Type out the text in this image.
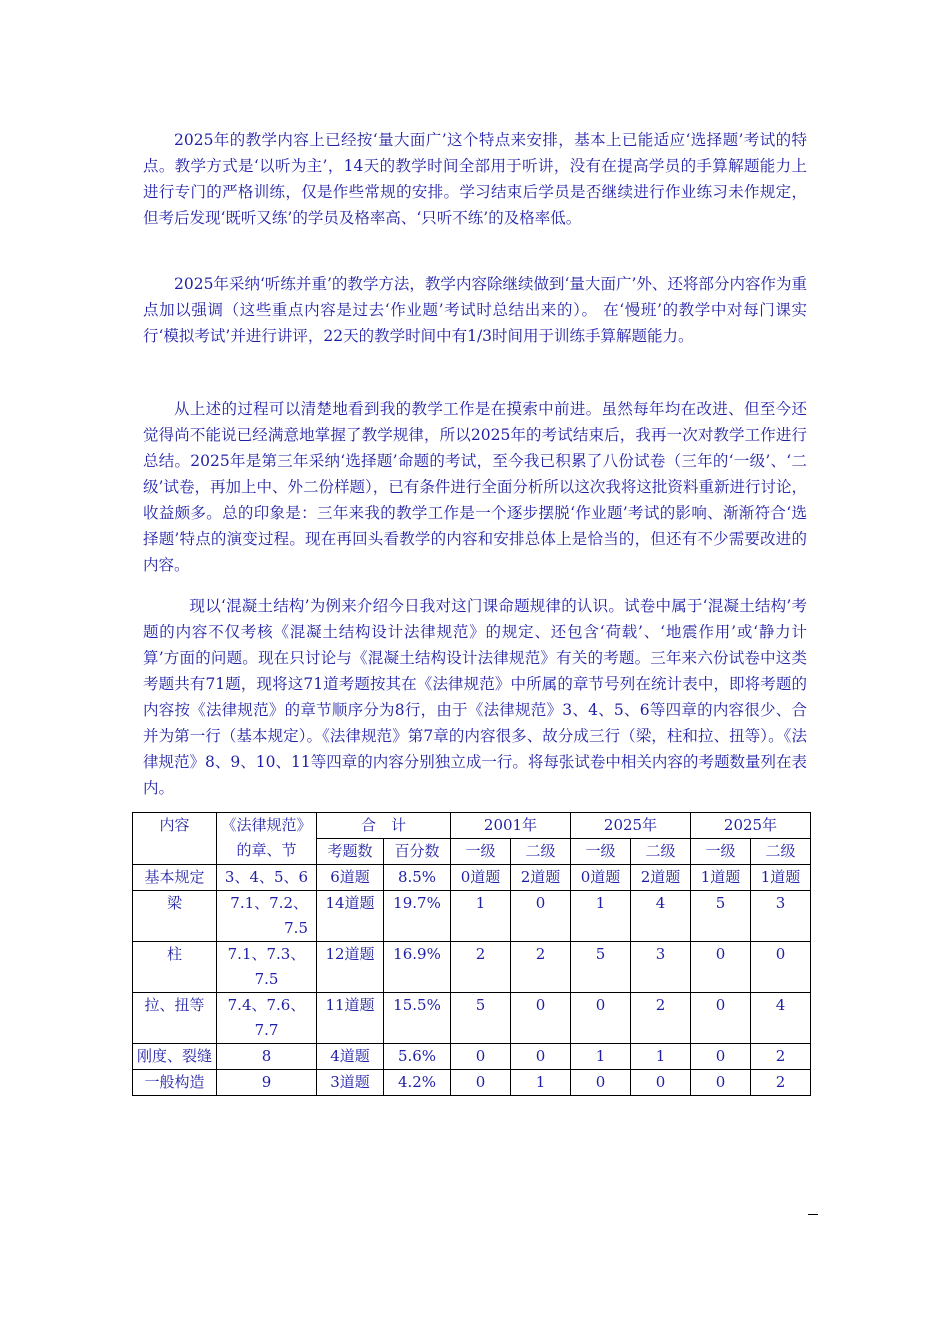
2025年的教学内容上已经按‘量大面广’这个特点来安排，基本上已能适应‘选择题’考试的特点。教学方式是‘以听为主’，14天的教学时间全部用于听讲，没有在提高学员的手算解题能力上进行专门的严格训练，仅是作些常规的安排。学习结束后学员是否继续进行作业练习未作规定，但考后发现‘既听又练’的学员及格率高、‘只听不练’的及格率低。

2025年采纳‘听练并重’的教学方法，教学内容除继续做到‘量大面广’外、还将部分内容作为重点加以强调（这些重点内容是过去‘作业题’考试时总结出来的）。 在‘慢班’的教学中对每门课实行‘模拟考试’并进行讲评，22天的教学时间中有1/3时间用于训练手算解题能力。

从上述的过程可以清楚地看到我的教学工作是在摸索中前进。虽然每年均在改进、但至今还觉得尚不能说已经满意地掌握了教学规律，所以2025年的考试结束后，我再一次对教学工作进行总结。2025年是第三年采纳‘选择题’命题的考试，至今我已积累了八份试卷（三年的‘一级’、‘二级’试卷，再加上中、外二份样题），已有条件进行全面分析所以这次我将这批资料重新进行讨论，收益颇多。总的印象是：三年来我的教学工作是一个逐步摆脱‘作业题’考试的影响、渐渐符合‘选择题’特点的演变过程。现在再回头看教学的内容和安排总体上是恰当的，但还有不少需要改进的内容。

现以‘混凝土结构’为例来介绍今日我对这门课命题规律的认识。试卷中属于‘混凝土结构’考题的内容不仅考核《混凝土结构设计法律规范》的规定、还包含‘荷载’、‘地震作用’或‘静力计算’方面的问题。现在只讨论与《混凝土结构设计法律规范》有关的考题。三年来六份试卷中这类考题共有71题，现将这71道考题按其在《法律规范》中所属的章节号列在统计表中，即将考题的内容按《法律规范》的章节顺序分为8行，由于《法律规范》3、4、5、6等四章的内容很少、合并为第一行（基本规定）。《法律规范》第7章的内容很多、故分成三行（梁，柱和拉、扭等）。《法律规范》8、9、10、11等四章的内容分别独立成一行。将每张试卷中相关内容的考题数量列在表内。

内容	《法律规范》的章、节	合　计		2001年		2025年		2025年	
		考题数	百分数	一级	二级	一级	二级	一级	二级
基本规定	3、4、5、6	6道题	8.5%	0道题	2道题	0道题	2道题	1道题	1道题
梁	7.1、7.2、7.5	14道题	19.7%	1	0	1	4	5	3
柱	7.1、7.3、7.5	12道题	16.9%	2	2	5	3	0	0
拉、扭等	7.4、7.6、7.7	11道题	15.5%	5	0	0	2	0	4
刚度、裂缝	8	4道题	5.6%	0	0	1	1	0	2
一般构造	9	3道题	4.2%	0	1	0	0	0	2
